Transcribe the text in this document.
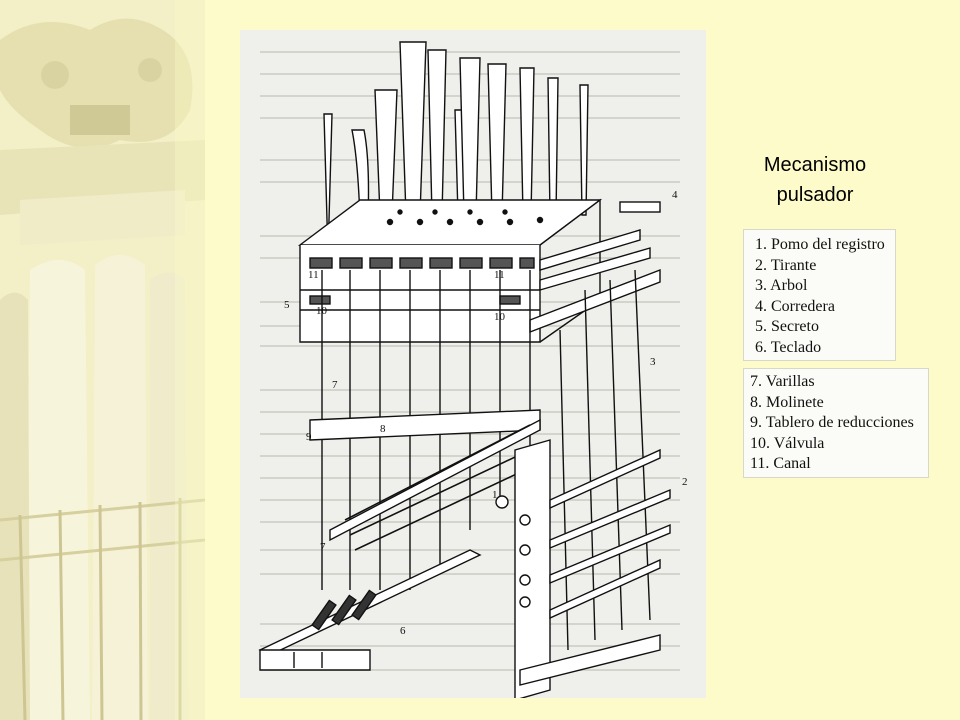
1
2
3
4
5
6
7
7
8
9
10	10
11	11
Mecanismo
pulsador
1. Pomo del registro
2. Tirante
3. Arbol
4. Corredera
5. Secreto
6. Teclado
7. Varillas
8. Molinete
9. Tablero de reducciones
10. Válvula
11. Canal
